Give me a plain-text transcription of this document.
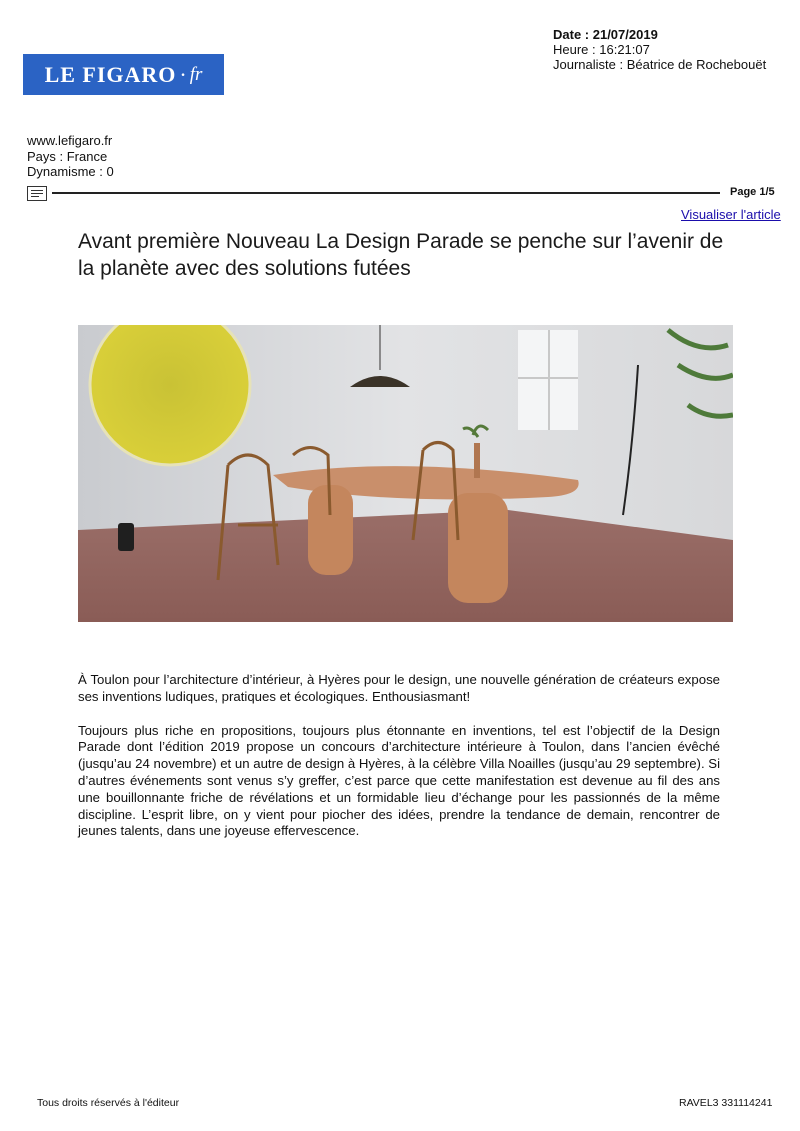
LE FIGARO · fr
Date : 21/07/2019
Heure : 16:21:07
Journaliste : Béatrice de Rochebouët
www.lefigaro.fr
Pays : France
Dynamisme : 0
Page 1/5
Visualiser l'article
Avant première Nouveau La Design Parade se penche sur l’avenir de la planète avec des solutions futées

À Toulon pour l’architecture d’intérieur, à Hyères pour le design, une nouvelle génération de créateurs expose ses inventions ludiques, pratiques et écologiques. Enthousiasmant!

Toujours plus riche en propositions, toujours plus étonnante en inventions, tel est l’objectif de la Design Parade dont l’édition 2019 propose un concours d’architecture intérieure à Toulon, dans l’ancien évêché (jusqu’au 24 novembre) et un autre de design à Hyères, à la célèbre Villa Noailles (jusqu’au 29 septembre). Si d’autres événements sont venus s’y greffer, c’est parce que cette manifestation est devenue au fil des ans une bouillonnante friche de révélations et un formidable lieu d’échange pour les passionnés de la même discipline. L’esprit libre, on y vient pour piocher des idées, prendre la tendance de demain, rencontrer de jeunes talents, dans une joyeuse effervescence.

Tous droits réservés à l'éditeur	RAVEL3 331114241
